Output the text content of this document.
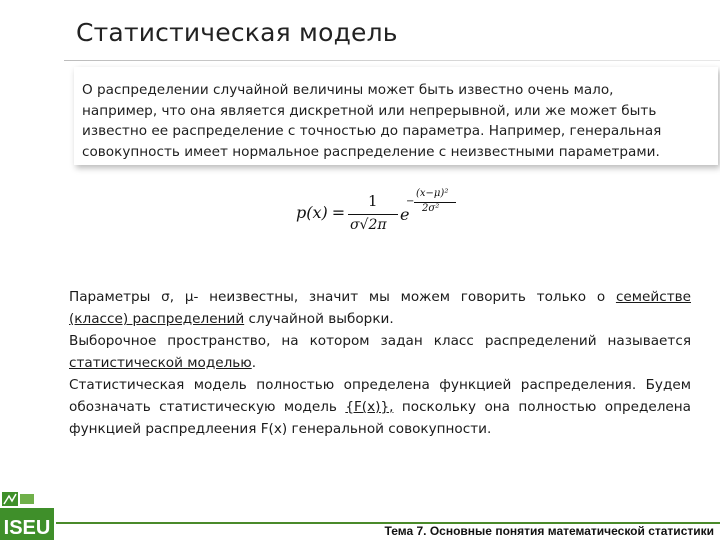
Статистическая модель
О распределении случайной величины может быть известно очень мало,
например, что она является дискретной или непрерывной, или же может быть
известно ее распределение с точностью до параметра. Например, генеральная
совокупность имеет нормальное распределение с неизвестными параметрами.
p(x) =
1
σ√2π
e
−
(x−μ)²
2σ²
Параметры σ, μ- неизвестны, значит мы можем говорить только о семействе
(классе) распределений случайной выборки.
Выборочное пространство, на котором задан класс распределений называется
статистической моделью.
Статистическая модель полностью определена функцией распределения. Будем
обозначать статистическую модель {F(x)}, поскольку она полностью определена
функцией распредлеения F(x) генеральной совокупности.
ISEU	Тема 7. Основные понятия математической статистики
